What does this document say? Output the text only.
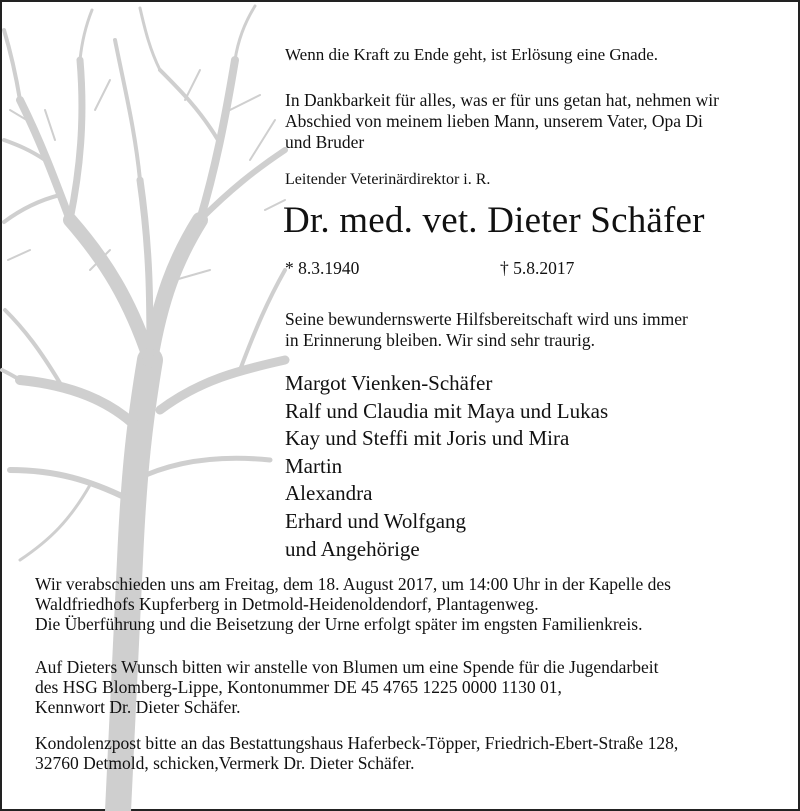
Wenn die Kraft zu Ende geht, ist Erlösung eine Gnade.

In Dankbarkeit für alles, was er für uns getan hat, nehmen wir
Abschied von meinem lieben Mann, unserem Vater, Opa Di
und Bruder

Leitender Veterinärdirektor i. R.
Dr. med. vet. Dieter Schäfer
* 8.3.1940	† 5.8.2017

Seine bewundernswerte Hilfsbereitschaft wird uns immer
in Erinnerung bleiben. Wir sind sehr traurig.

Margot Vienken-Schäfer
Ralf und Claudia mit Maya und Lukas
Kay und Steffi mit Joris und Mira
Martin
Alexandra
Erhard und Wolfgang
und Angehörige

Wir verabschieden uns am Freitag, dem 18. August 2017, um 14:00 Uhr in der Kapelle des
Waldfriedhofs Kupferberg in Detmold-Heidenoldendorf, Plantagenweg.
Die Überführung und die Beisetzung der Urne erfolgt später im engsten Familienkreis.

Auf Dieters Wunsch bitten wir anstelle von Blumen um eine Spende für die Jugendarbeit
des HSG Blomberg-Lippe, Kontonummer DE 45 4765 1225 0000 1130 01,
Kennwort Dr. Dieter Schäfer.

Kondolenzpost bitte an das Bestattungshaus Haferbeck-Töpper, Friedrich-Ebert-Straße 128,
32760 Detmold, schicken,Vermerk Dr. Dieter Schäfer.
